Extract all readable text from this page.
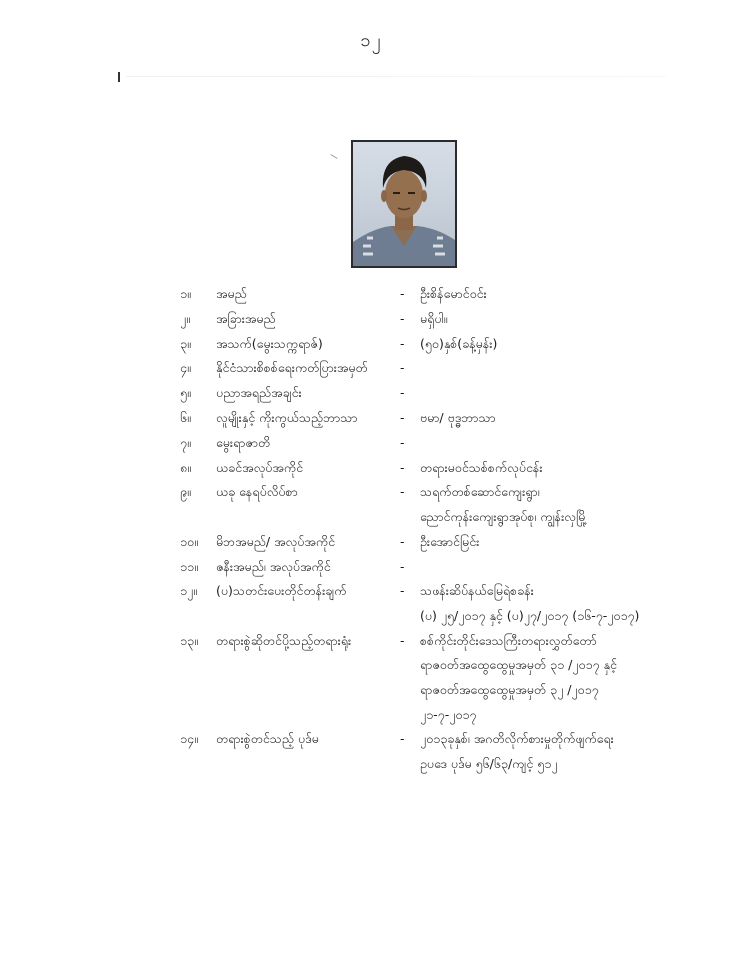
၁၂
၁။ အမည်	- ဦးစိန်မောင်ဝင်း
၂။ အခြားအမည်	- မရှိပါ။
၃။ အသက်(မွေးသက္ကရာဇ်)	- (၅၀)နှစ်(ခန့်မှန်း)
၄။ နိုင်ငံသားစိစစ်ရေးကတ်ပြားအမှတ်	-
၅။ ပညာအရည်အချင်း	-
၆။ လူမျိုးနှင့် ကိုးကွယ်သည့်ဘာသာ	- ဗမာ/ ဗုဒ္ဓဘာသာ
၇။ မွေးရာဇာတိ	-
၈။ ယခင်အလုပ်အကိုင်	- တရားမဝင်သစ်စက်လုပ်ငန်း
၉။ ယခု နေရပ်လိပ်စာ	- သရက်တစ်ဆောင်ကျေးရွာ၊
ညောင်ကုန်းကျေးရွာအုပ်စု၊ ကျွန်းလှမြို့
၁၀။ မိဘအမည်/ အလုပ်အကိုင်	- ဦးအောင်မြင်း
၁၁။ ဇနီးအမည်၊ အလုပ်အကိုင်	-
၁၂။ (ပ)သတင်းပေးတိုင်တန်းချက်	- သဖန်းဆိပ်နယ်မြေရဲစခန်း
(ပ) ၂၅/၂၀၁၇ နှင့် (ပ)၂၇/၂၀၁၇ (၁၆-၇-၂၀၁၇)
၁၃။ တရားစွဲဆိုတင်ပို့သည့်တရားရုံး	- စစ်ကိုင်းတိုင်းဒေသကြီးတရားလွှတ်တော်
ရာဇဝတ်အထွေထွေမှုအမှတ် ၃၁ /၂၀၁၇ နှင့်
ရာဇဝတ်အထွေထွေမှုအမှတ် ၃၂ /၂၀၁၇
၂၁-၇-၂၀၁၇
၁၄။ တရားစွဲတင်သည့် ပုဒ်မ	- ၂၀၁၃ခုနှစ်၊ အဂတိလိုက်စားမှုတိုက်ဖျက်ရေး
ဥပဒေ ပုဒ်မ ၅၆/၆၃/ကျင့် ၅၁၂
